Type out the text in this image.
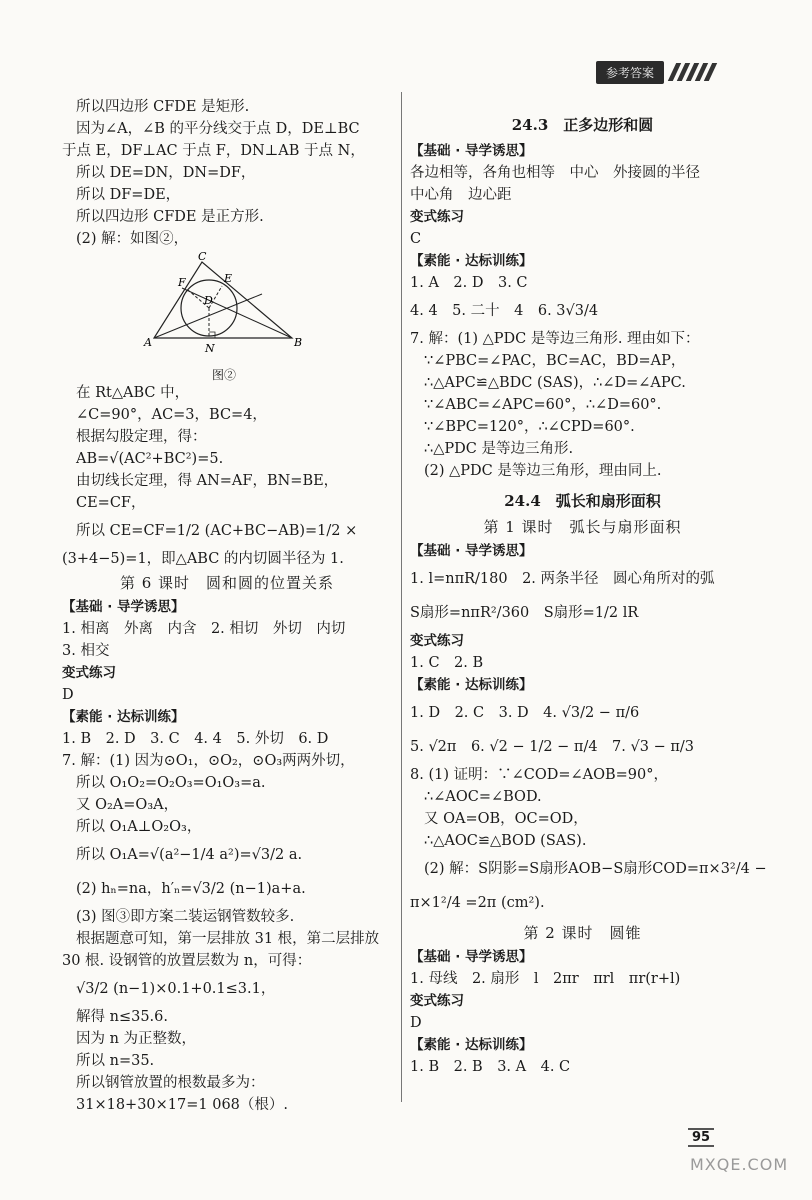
参考答案
所以四边形 CFDE 是矩形.
因为∠A，∠B 的平分线交于点 D，DE⊥BC
于点 E，DF⊥AC 于点 F，DN⊥AB 于点 N，
所以 DE=DN，DN=DF，
所以 DF=DE，
所以四边形 CFDE 是正方形.
(2) 解：如图②，
A	B
C
D
E
F
N
图②
在 Rt△ABC 中，
∠C=90°，AC=3，BC=4，
根据勾股定理，得：
AB=√(AC²+BC²)=5.
由切线长定理，得 AN=AF，BN=BE，
CE=CF，
所以 CE=CF=1/2 (AC+BC−AB)=1/2 ×
(3+4−5)=1，即△ABC 的内切圆半径为 1.
第 6 课时　圆和圆的位置关系
【基础 · 导学诱思】
1. 相离　外离　内含　2. 相切　外切　内切
3. 相交
变式练习
D
【素能 · 达标训练】
1. B　2. D　3. C　4. 4　5. 外切　6. D
7. 解：(1) 因为⊙O₁，⊙O₂，⊙O₃两两外切，
所以 O₁O₂=O₂O₃=O₁O₃=a.
又 O₂A=O₃A，
所以 O₁A⊥O₂O₃，
所以 O₁A=√(a²−1/4 a²)=√3/2 a.
(2) hₙ=na，h′ₙ=√3/2 (n−1)a+a.
(3) 图③即方案二装运钢管数较多.
根据题意可知，第一层排放 31 根，第二层排放
30 根. 设钢管的放置层数为 n，可得：
√3/2 (n−1)×0.1+0.1≤3.1，
解得 n≤35.6.
因为 n 为正整数，
所以 n=35.
所以钢管放置的根数最多为：
31×18+30×17=1 068（根）.
24.3　正多边形和圆
【基础 · 导学诱思】
各边相等，各角也相等　中心　外接圆的半径
中心角　边心距
变式练习
C
【素能 · 达标训练】
1. A　2. D　3. C
4. 4　5. 二十　4　6. 3√3/4
7. 解：(1) △PDC 是等边三角形. 理由如下：
∵∠PBC=∠PAC，BC=AC，BD=AP，
∴△APC≌△BDC (SAS)，∴∠D=∠APC.
∵∠ABC=∠APC=60°，∴∠D=60°.
∵∠BPC=120°，∴∠CPD=60°.
∴△PDC 是等边三角形.
(2) △PDC 是等边三角形，理由同上.
24.4　弧长和扇形面积
第 1 课时　弧长与扇形面积
【基础 · 导学诱思】
1. l=nπR/180　2. 两条半径　圆心角所对的弧
S扇形=nπR²/360　S扇形=1/2 lR
变式练习
1. C　2. B
【素能 · 达标训练】
1. D　2. C　3. D　4. √3/2 − π/6
5. √2π　6. √2 − 1/2 − π/4　7. √3 − π/3
8. (1) 证明：∵∠COD=∠AOB=90°，
∴∠AOC=∠BOD.
又 OA=OB，OC=OD，
∴△AOC≌△BOD (SAS).
(2) 解：S阴影=S扇形AOB−S扇形COD=π×3²/4 −
π×1²/4 =2π (cm²).
第 2 课时　圆锥
【基础 · 导学诱思】
1. 母线　2. 扇形　l　2πr　πrl　πr(r+l)
变式练习
D
【素能 · 达标训练】
1. B　2. B　3. A　4. C
95
MXQE.COM
